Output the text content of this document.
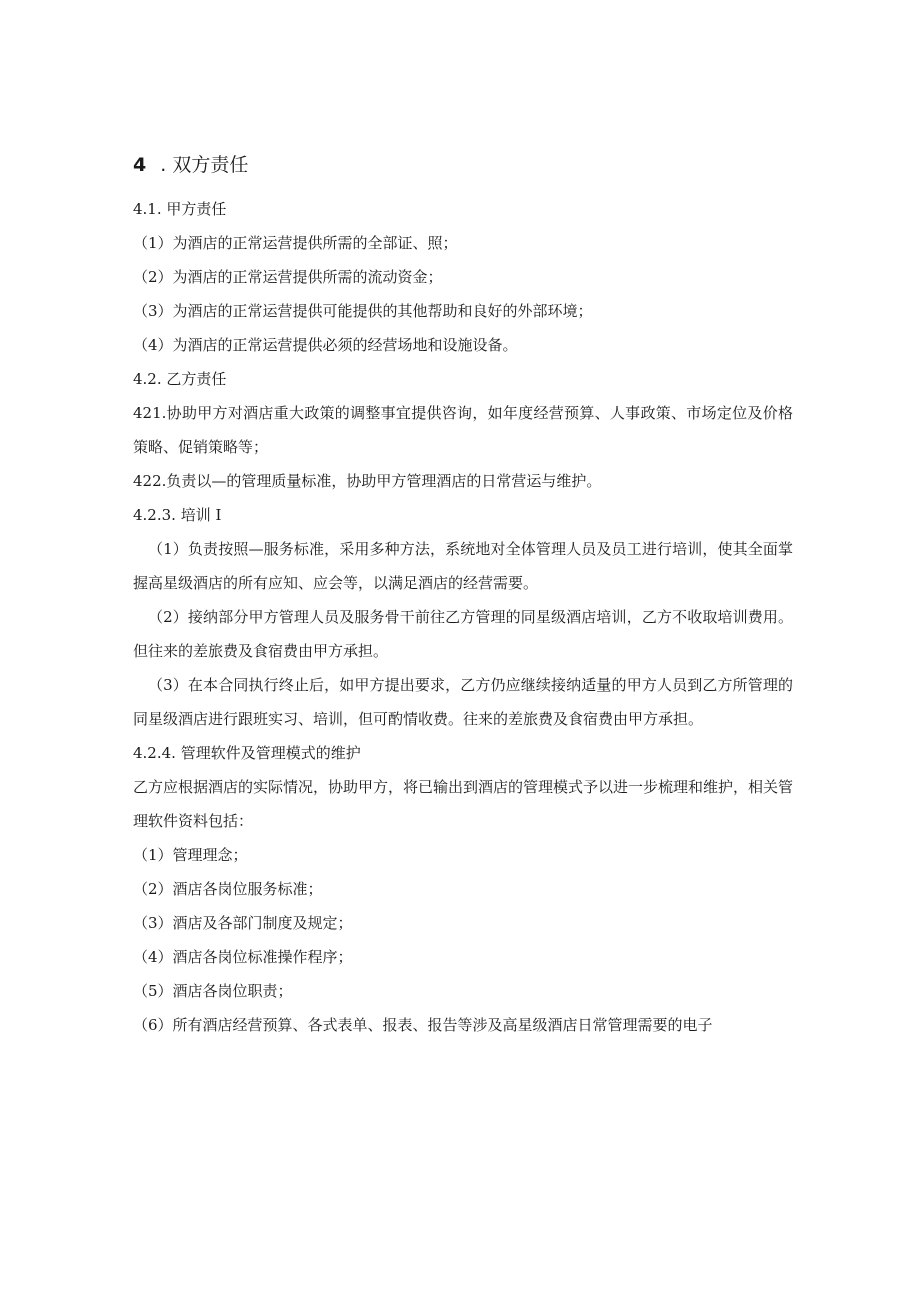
4 . 双方责任
4.1. 甲方责任
（1）为酒店的正常运营提供所需的全部证、照；
（2）为酒店的正常运营提供所需的流动资金；
（3）为酒店的正常运营提供可能提供的其他帮助和良好的外部环境；
（4）为酒店的正常运营提供必须的经营场地和设施设备。
4.2. 乙方责任
421.协助甲方对酒店重大政策的调整事宜提供咨询，如年度经营预算、人事政策、市场定位及价格策略、促销策略等；
422.负责以—的管理质量标准，协助甲方管理酒店的日常营运与维护。
4.2.3. 培训 I
（1）负责按照—服务标准，采用多种方法，系统地对全体管理人员及员工进行培训，使其全面掌握高星级酒店的所有应知、应会等，以满足酒店的经营需要。
（2）接纳部分甲方管理人员及服务骨干前往乙方管理的同星级酒店培训，乙方不收取培训费用。但往来的差旅费及食宿费由甲方承担。
（3）在本合同执行终止后，如甲方提出要求，乙方仍应继续接纳适量的甲方人员到乙方所管理的同星级酒店进行跟班实习、培训，但可酌情收费。往来的差旅费及食宿费由甲方承担。
4.2.4. 管理软件及管理模式的维护
乙方应根据酒店的实际情况，协助甲方，将已输出到酒店的管理模式予以进一步梳理和维护，相关管理软件资料包括：
（1）管理理念；
（2）酒店各岗位服务标准；
（3）酒店及各部门制度及规定；
（4）酒店各岗位标准操作程序；
（5）酒店各岗位职责；
（6）所有酒店经营预算、各式表单、报表、报告等涉及高星级酒店日常管理需要的电子
